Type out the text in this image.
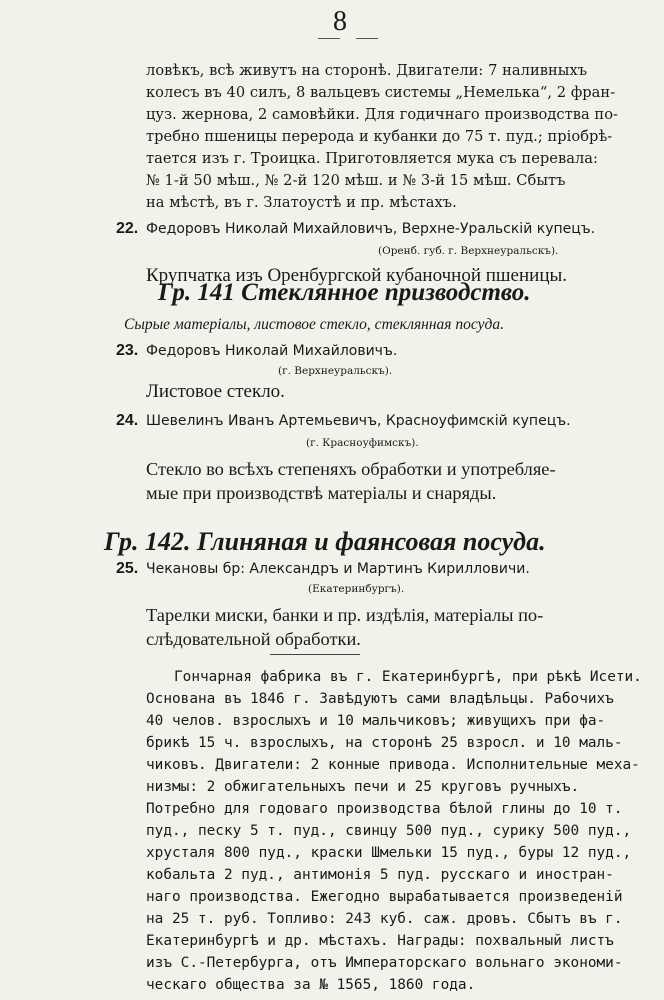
8
ловѣкъ, всѣ живутъ на сторонѣ. Двигатели: 7 наливныхъ
колесъ въ 40 силъ, 8 вальцевъ системы „Немелька“, 2 фран-
цуз. жернова, 2 самовѣйки. Для годичнаго производства по-
требно пшеницы перерода и кубанки до 75 т. пуд.; пріобрѣ-
тается изъ г. Троицка. Приготовляется мука съ перевала:
№ 1-й 50 мѣш., № 2-й 120 мѣш. и № 3-й 15 мѣш. Сбытъ
на мѣстѣ, въ г. Златоустѣ и пр. мѣстахъ.
22. Федоровъ Николай Михайловичъ, Верхне-Уральскій купецъ.
(Оренб. губ. г. Верхнеуральскъ).
Крупчатка изъ Оренбургской кубаночной пшеницы.
Гр. 141 Стеклянное призводство.
Сырые матеріалы, листовое стекло, стеклянная посуда.
23. Федоровъ Николай Михайловичъ.
(г. Верхнеуральскъ).
Листовое стекло.
24. Шевелинъ Иванъ Артемьевичъ, Красноуфимскій купецъ.
(г. Красноуфимскъ).
Стекло во всѣхъ степеняхъ обработки и употребляе-
мые при производствѣ матеріалы и снаряды.
Гр. 142. Глиняная и фаянсовая посуда.
25. Чекановы бр: Александръ и Мартинъ Кирилловичи.
(Екатеринбургъ).
Тарелки миски, банки и пр. издѣлія, матеріалы по-
слѣдовательной обработки.
Гончарная фабрика въ г. Екатеринбургѣ, при рѣкѣ Исети.
Основана въ 1846 г. Завѣдуютъ сами владѣльцы. Рабочихъ
40 челов. взрослыхъ и 10 мальчиковъ; живущихъ при фа-
брикѣ 15 ч. взрослыхъ, на сторонѣ 25 взросл. и 10 маль-
чиковъ. Двигатели: 2 конные привода. Исполнительные меха-
низмы: 2 обжигательныхъ печи и 25 круговъ ручныхъ.
Потребно для годоваго производства бѣлой глины до 10 т.
пуд., песку 5 т. пуд., свинцу 500 пуд., сурику 500 пуд.,
хрусталя 800 пуд., краски Шмельки 15 пуд., буры 12 пуд.,
кобальта 2 пуд., антимонія 5 пуд. русскаго и иностран-
наго производства. Ежегодно вырабатывается произведеній
на 25 т. руб. Топливо: 243 куб. саж. дровъ. Сбытъ въ г.
Екатеринбургѣ и др. мѣстахъ. Награды: похвальный листъ
изъ С.-Петербурга, отъ Императорскаго вольнаго экономи-
ческаго общества за № 1565, 1860 года.
